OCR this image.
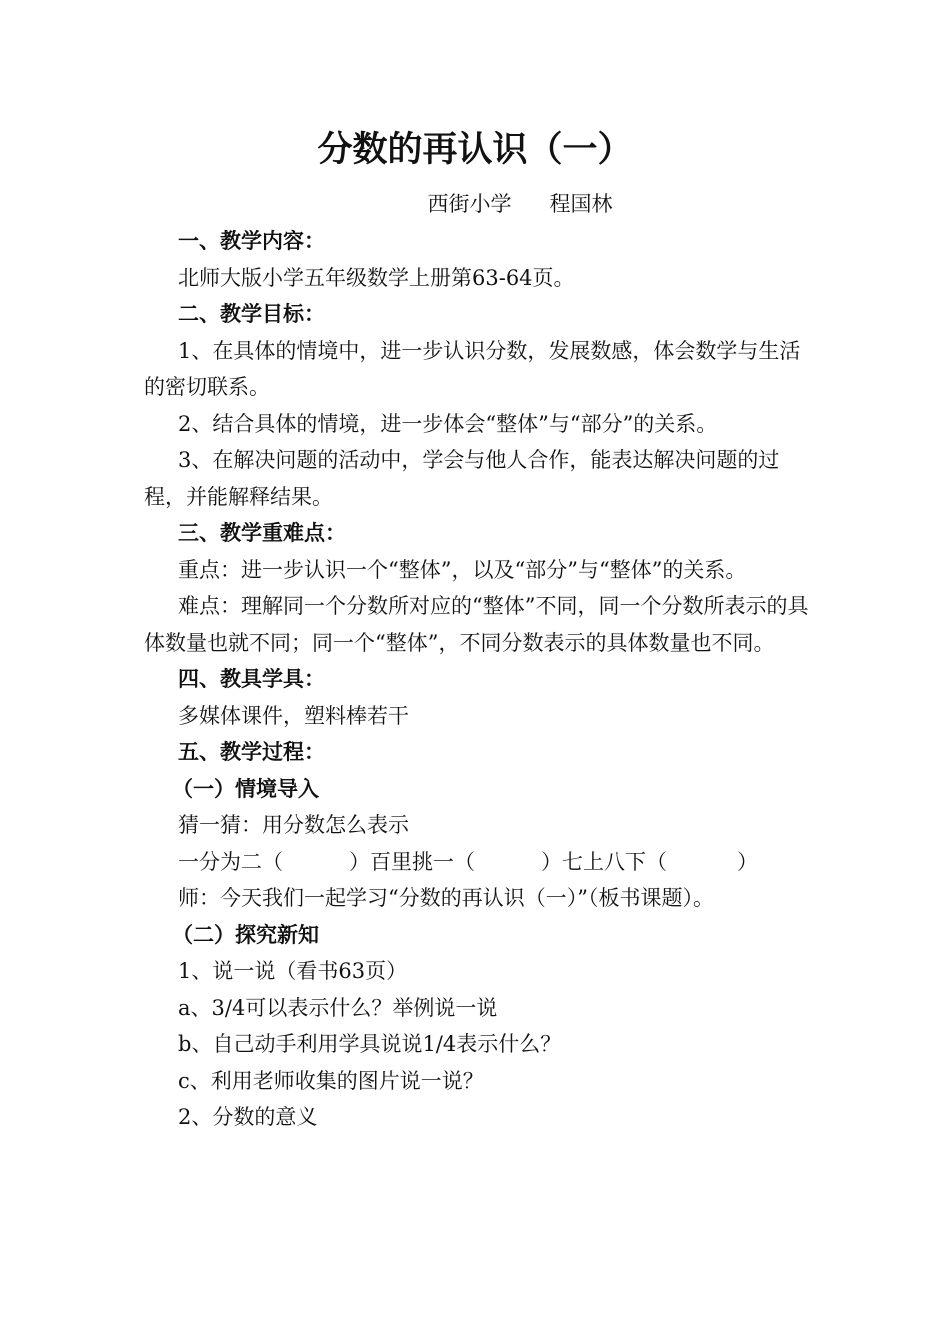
分数的再认识（一）
西街小学 程国林

一、教学内容：

北师大版小学五年级数学上册第63-64页。

二、教学目标：

1、在具体的情境中，进一步认识分数，发展数感，体会数学与生活的密切联系。

2、结合具体的情境，进一步体会“整体”与“部分”的关系。

3、在解决问题的活动中，学会与他人合作，能表达解决问题的过程，并能解释结果。

三、教学重难点：

重点：进一步认识一个“整体”，以及“部分”与“整体”的关系。

难点：理解同一个分数所对应的“整体”不同，同一个分数所表示的具体数量也就不同；同一个“整体”，不同分数表示的具体数量也不同。

四、教具学具：

多媒体课件，塑料棒若干

五、教学过程：

（一）情境导入

猜一猜：用分数怎么表示

一分为二（	）百里挑一（	）七上八下（	）

师：今天我们一起学习“分数的再认识（一）”（板书课题）。

（二）探究新知

1、说一说（看书63页）

a、3/4可以表示什么？举例说一说

b、自己动手利用学具说说1/4表示什么？

c、利用老师收集的图片说一说？

2、分数的意义
